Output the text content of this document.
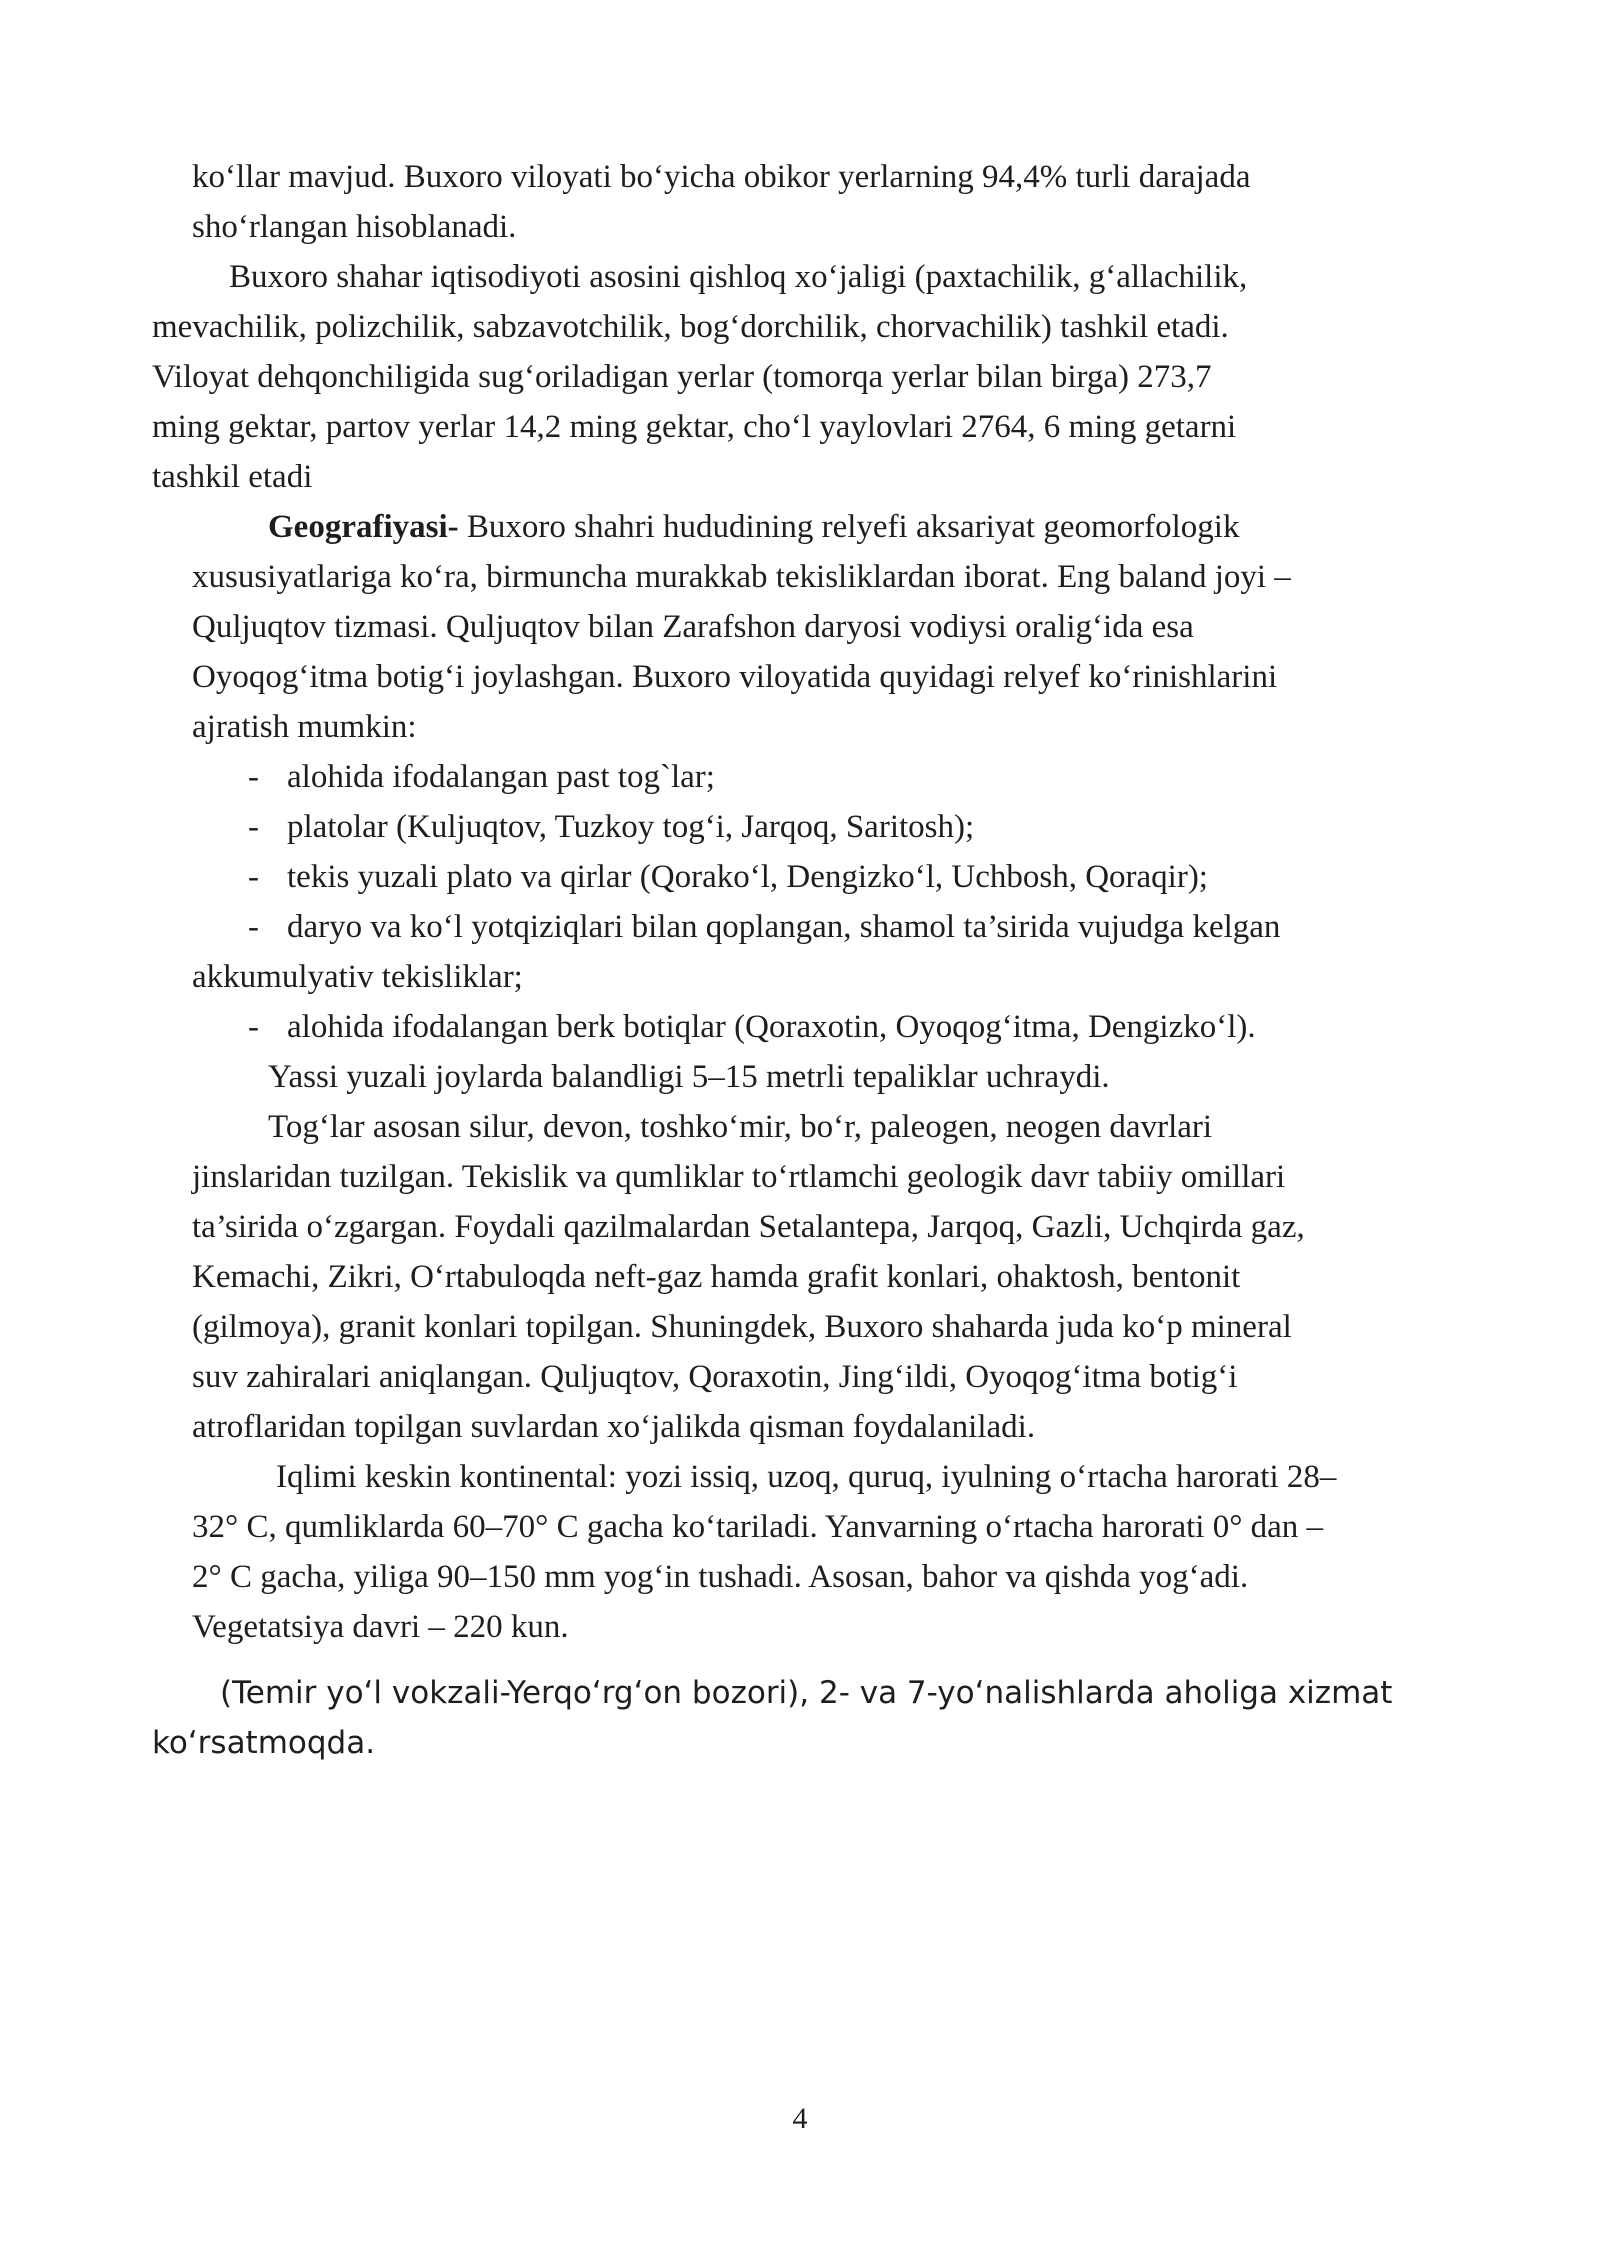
ko‘llar mavjud. Buxoro viloyati bo‘yicha obikor yerlarning 94,4% turli darajada
sho‘rlangan hisoblanadi.
Buxoro shahar iqtisodiyoti asosini qishloq xo‘jaligi (paxtachilik, g‘allachilik,
mevachilik, polizchilik, sabzavotchilik, bog‘dorchilik, chorvachilik) tashkil etadi.
Viloyat dehqonchiligida sug‘oriladigan yerlar (tomorqa yerlar bilan birga) 273,7
ming gektar, partov yerlar 14,2 ming gektar, cho‘l yaylovlari 2764, 6 ming getarni
tashkil etadi
Geografiyasi- Buxoro shahri hududining relyefi aksariyat geomorfologik
xususiyatlariga ko‘ra, birmuncha murakkab tekisliklardan iborat. Eng baland joyi –
Quljuqtov tizmasi. Quljuqtov bilan Zarafshon daryosi vodiysi oralig‘ida esa
Oyoqog‘itma botig‘i joylashgan. Buxoro viloyatida quyidagi relyef ko‘rinishlarini
ajratish mumkin:
- alohida ifodalangan past tog`lar;
- platolar (Kuljuqtov, Tuzkoy tog‘i, Jarqoq, Saritosh);
- tekis yuzali plato va qirlar (Qorako‘l, Dengizko‘l, Uchbosh, Qoraqir);
- daryo va ko‘l yotqiziqlari bilan qoplangan, shamol ta’sirida vujudga kelgan
akkumulyativ tekisliklar;
- alohida ifodalangan berk botiqlar (Qoraxotin, Oyoqog‘itma, Dengizko‘l).
Yassi yuzali joylarda balandligi 5–15 metrli tepaliklar uchraydi.
Tog‘lar asosan silur, devon, toshko‘mir, bo‘r, paleogen, neogen davrlari
jinslaridan tuzilgan. Tekislik va qumliklar to‘rtlamchi geologik davr tabiiy omillari
ta’sirida o‘zgargan. Foydali qazilmalardan Setalantepa, Jarqoq, Gazli, Uchqirda gaz,
Kemachi, Zikri, O‘rtabuloqda neft-gaz hamda grafit konlari, ohaktosh, bentonit
(gilmoya), granit konlari topilgan. Shuningdek, Buxoro shaharda juda ko‘p mineral
suv zahiralari aniqlangan. Quljuqtov, Qoraxotin, Jing‘ildi, Oyoqog‘itma botig‘i
atroflaridan topilgan suvlardan xo‘jalikda qisman foydalaniladi.
Iqlimi keskin kontinental: yozi issiq, uzoq, quruq, iyulning o‘rtacha harorati 28–
32° C, qumliklarda 60–70° C gacha ko‘tariladi. Yanvarning o‘rtacha harorati 0° dan –
2° C gacha, yiliga 90–150 mm yog‘in tushadi. Asosan, bahor va qishda yog‘adi.
Vegetatsiya davri – 220 kun.
(Temir yo‘l vokzali-Yerqo‘rg‘on bozori), 2- va 7-yo‘nalishlarda aholiga xizmat
ko‘rsatmoqda.
4
